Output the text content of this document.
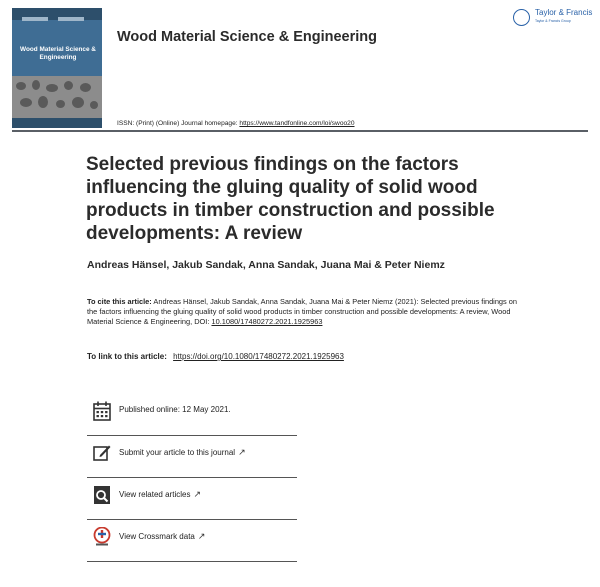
Wood Material Science & Engineering
Wood Material Science & Engineering
Taylor & Francis
Taylor & Francis Group
ISSN: (Print) (Online) Journal homepage: https://www.tandfonline.com/loi/swoo20
Selected previous findings on the factors influencing the gluing quality of solid wood products in timber construction and possible developments: A review
Andreas Hänsel, Jakub Sandak, Anna Sandak, Juana Mai & Peter Niemz
To cite this article: Andreas Hänsel, Jakub Sandak, Anna Sandak, Juana Mai & Peter Niemz (2021): Selected previous findings on the factors influencing the gluing quality of solid wood products in timber construction and possible developments: A review, Wood Material Science & Engineering, DOI: 10.1080/17480272.2021.1925963
To link to this article: https://doi.org/10.1080/17480272.2021.1925963
Published online: 12 May 2021.
Submit your article to this journal ↗
View related articles ↗
View Crossmark data ↗
